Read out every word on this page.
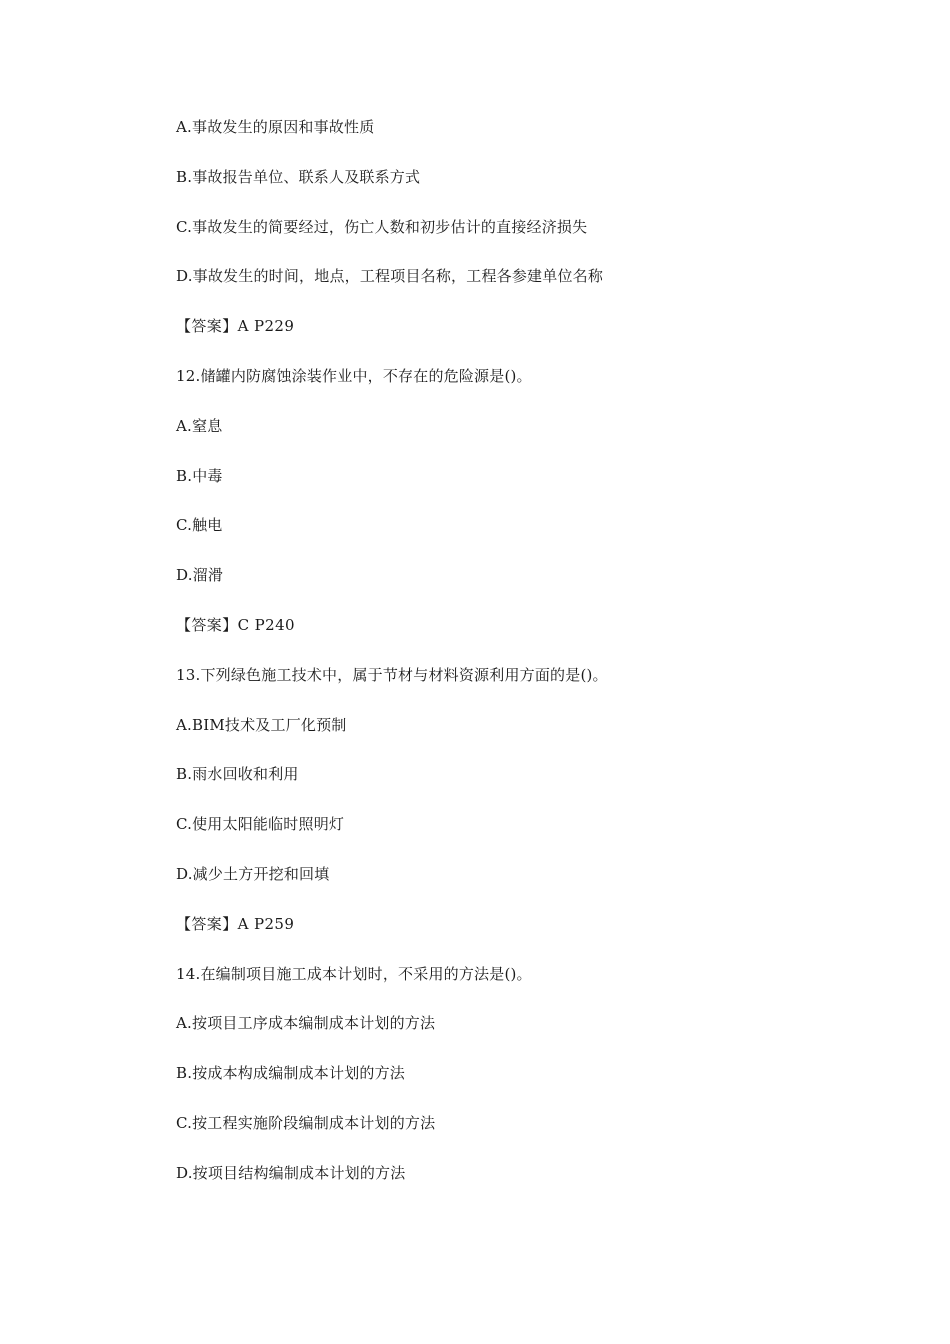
A.事故发生的原因和事故性质
B.事故报告单位、联系人及联系方式
C.事故发生的简要经过，伤亡人数和初步估计的直接经济损失
D.事故发生的时间，地点，工程项目名称，工程各参建单位名称
【答案】A P229
12.储罐内防腐蚀涂装作业中，不存在的危险源是()。
A.窒息
B.中毒
C.触电
D.溜滑
【答案】C P240
13.下列绿色施工技术中，属于节材与材料资源利用方面的是()。
A.BIM技术及工厂化预制
B.雨水回收和利用
C.使用太阳能临时照明灯
D.减少土方开挖和回填
【答案】A P259
14.在编制项目施工成本计划时，不采用的方法是()。
A.按项目工序成本编制成本计划的方法
B.按成本构成编制成本计划的方法
C.按工程实施阶段编制成本计划的方法
D.按项目结构编制成本计划的方法
